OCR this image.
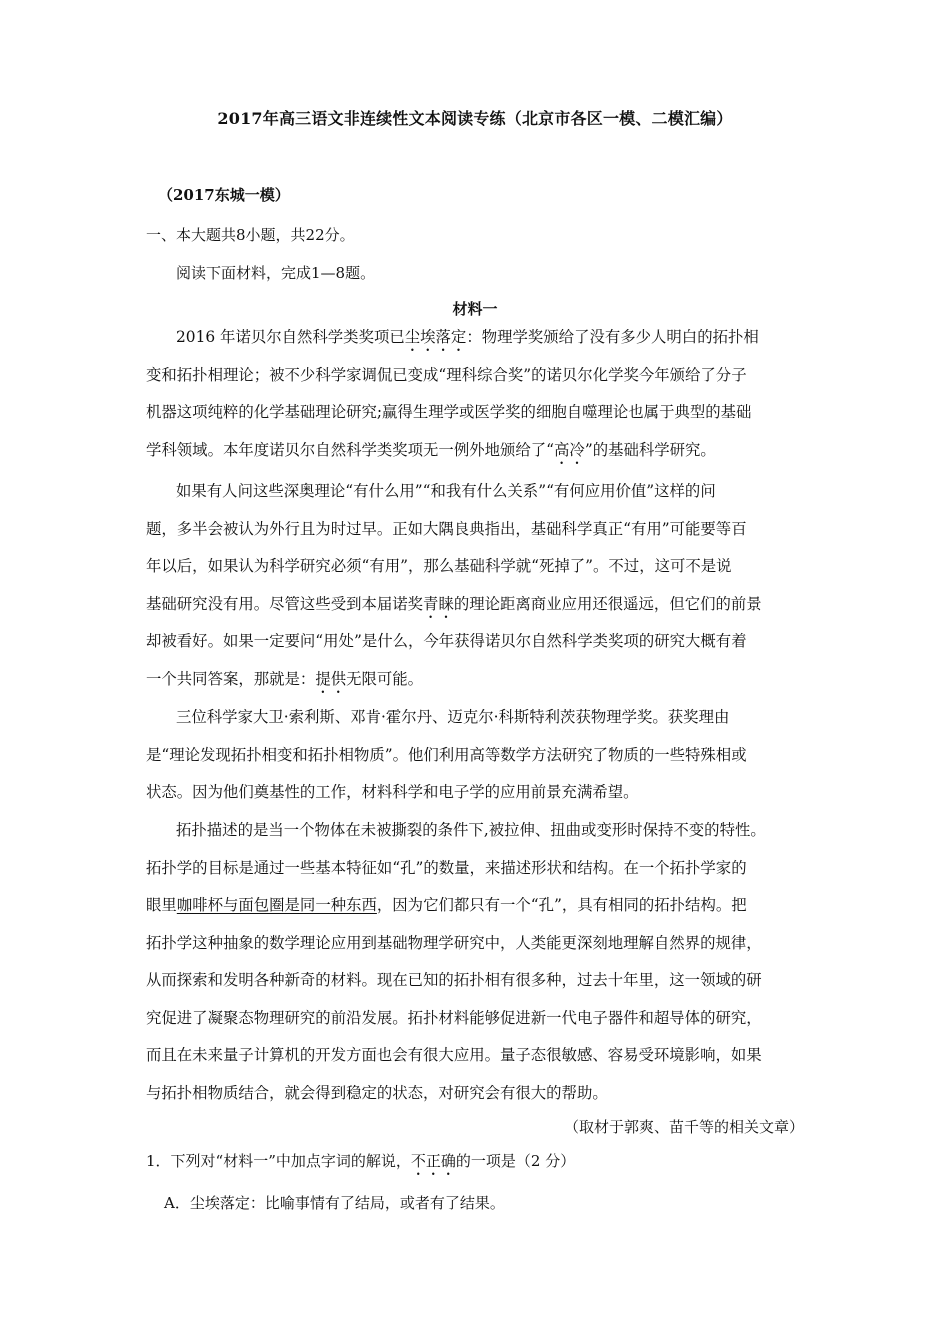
2017年高三语文非连续性文本阅读专练（北京市各区一模、二模汇编）
（2017东城一模）
一、本大题共8小题，共22分。
阅读下面材料，完成1—8题。
材料一

2016 年诺贝尔自然科学类奖项已尘埃落定：物理学奖颁给了没有多少人明白的拓扑相
变和拓扑相理论；被不少科学家调侃已变成“理科综合奖”的诺贝尔化学奖今年颁给了分子
机器这项纯粹的化学基础理论研究;赢得生理学或医学奖的细胞自噬理论也属于典型的基础
学科领域。本年度诺贝尔自然科学类奖项无一例外地颁给了“高冷”的基础科学研究。

如果有人问这些深奥理论“有什么用”“和我有什么关系”“有何应用价值”这样的问
题，多半会被认为外行且为时过早。正如大隅良典指出，基础科学真正“有用”可能要等百
年以后，如果认为科学研究必须“有用”，那么基础科学就“死掉了”。不过，这可不是说
基础研究没有用。尽管这些受到本届诺奖青睐的理论距离商业应用还很遥远，但它们的前景
却被看好。如果一定要问“用处”是什么，今年获得诺贝尔自然科学类奖项的研究大概有着
一个共同答案，那就是：提供无限可能。

三位科学家大卫·索利斯、邓肯·霍尔丹、迈克尔·科斯特利茨获物理学奖。获奖理由
是“理论发现拓扑相变和拓扑相物质”。他们利用高等数学方法研究了物质的一些特殊相或
状态。因为他们奠基性的工作，材料科学和电子学的应用前景充满希望。

拓扑描述的是当一个物体在未被撕裂的条件下,被拉伸、扭曲或变形时保持不变的特性。
拓扑学的目标是通过一些基本特征如“孔”的数量，来描述形状和结构。在一个拓扑学家的
眼里咖啡杯与面包圈是同一种东西，因为它们都只有一个“孔”，具有相同的拓扑结构。把
拓扑学这种抽象的数学理论应用到基础物理学研究中，人类能更深刻地理解自然界的规律，
从而探索和发明各种新奇的材料。现在已知的拓扑相有很多种，过去十年里，这一领域的研
究促进了凝聚态物理研究的前沿发展。拓扑材料能够促进新一代电子器件和超导体的研究，
而且在未来量子计算机的开发方面也会有很大应用。量子态很敏感、容易受环境影响，如果
与拓扑相物质结合，就会得到稳定的状态，对研究会有很大的帮助。

（取材于郭爽、苗千等的相关文章）
1．下列对“材料一”中加点字词的解说，不正确的一项是（2 分）
A．尘埃落定：比喻事情有了结局，或者有了结果。
